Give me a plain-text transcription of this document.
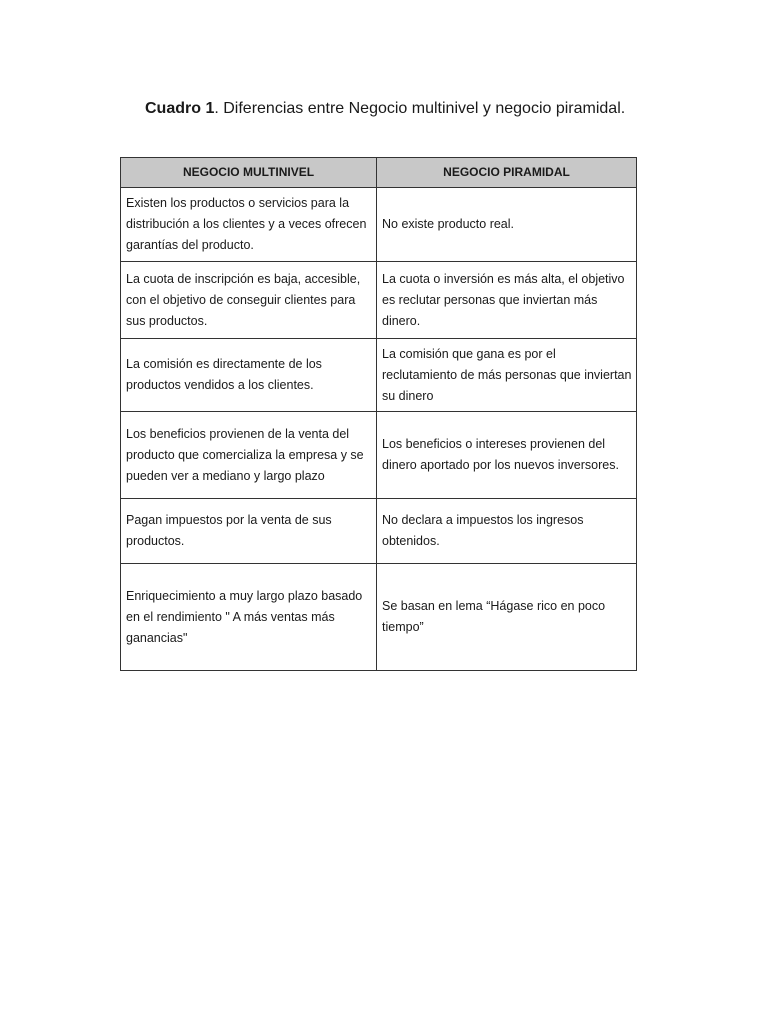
Cuadro 1. Diferencias entre Negocio multinivel y negocio piramidal.
NEGOCIO MULTINIVEL	NEGOCIO PIRAMIDAL
Existen los productos o servicios para la distribución a los clientes y a veces ofrecen garantías del producto.	No existe producto real.
La cuota de inscripción es baja, accesible, con el objetivo de conseguir clientes para sus productos.	La cuota o inversión es más alta, el objetivo es reclutar personas que inviertan más dinero.
La comisión es directamente de los productos vendidos a los clientes.	La comisión que gana es por el reclutamiento de más personas que inviertan su dinero
Los beneficios provienen de la venta del producto que comercializa la empresa y se pueden ver a mediano y largo plazo	Los beneficios o intereses provienen del dinero aportado por los nuevos inversores.
Pagan impuestos por la venta de sus productos.	No declara a impuestos los ingresos obtenidos.
Enriquecimiento a muy largo plazo basado en el rendimiento " A más ventas más ganancias"	Se basan en lema “Hágase rico en poco tiempo”
